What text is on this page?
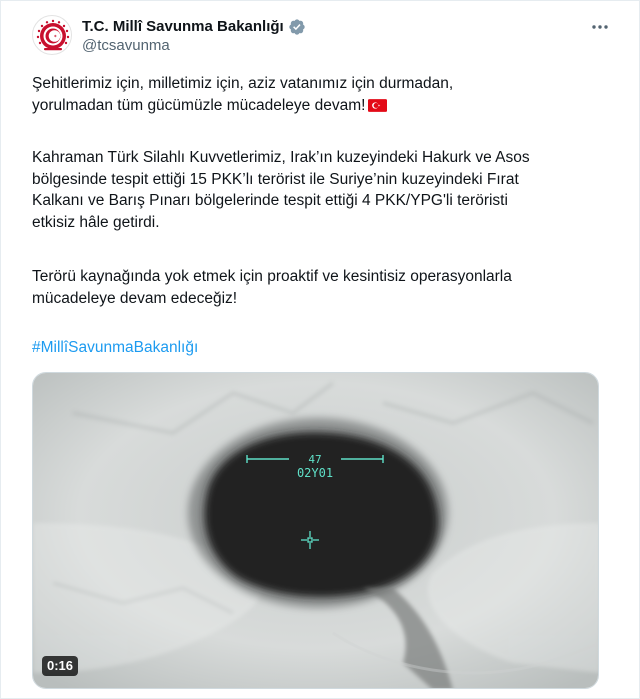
T.C. Millî Savunma Bakanlığı
@tcsavunma
Şehitlerimiz için, milletimiz için, aziz vatanımız için durmadan,
yorulmadan tüm gücümüzle mücadeleye devam!
Kahraman Türk Silahlı Kuvvetlerimiz, Irak’ın kuzeyindeki Hakurk ve Asos
bölgesinde tespit ettiği 15 PKK’lı terörist ile Suriye’nin kuzeyindeki Fırat
Kalkanı ve Barış Pınarı bölgelerinde tespit ettiği 4 PKK/YPG'li teröristi
etkisiz hâle getirdi.
Terörü kaynağında yok etmek için proaktif ve kesintisiz operasyonlarla
mücadeleye devam edeceğiz!
#MillîSavunmaBakanlığı
47
02Y01
0:16
